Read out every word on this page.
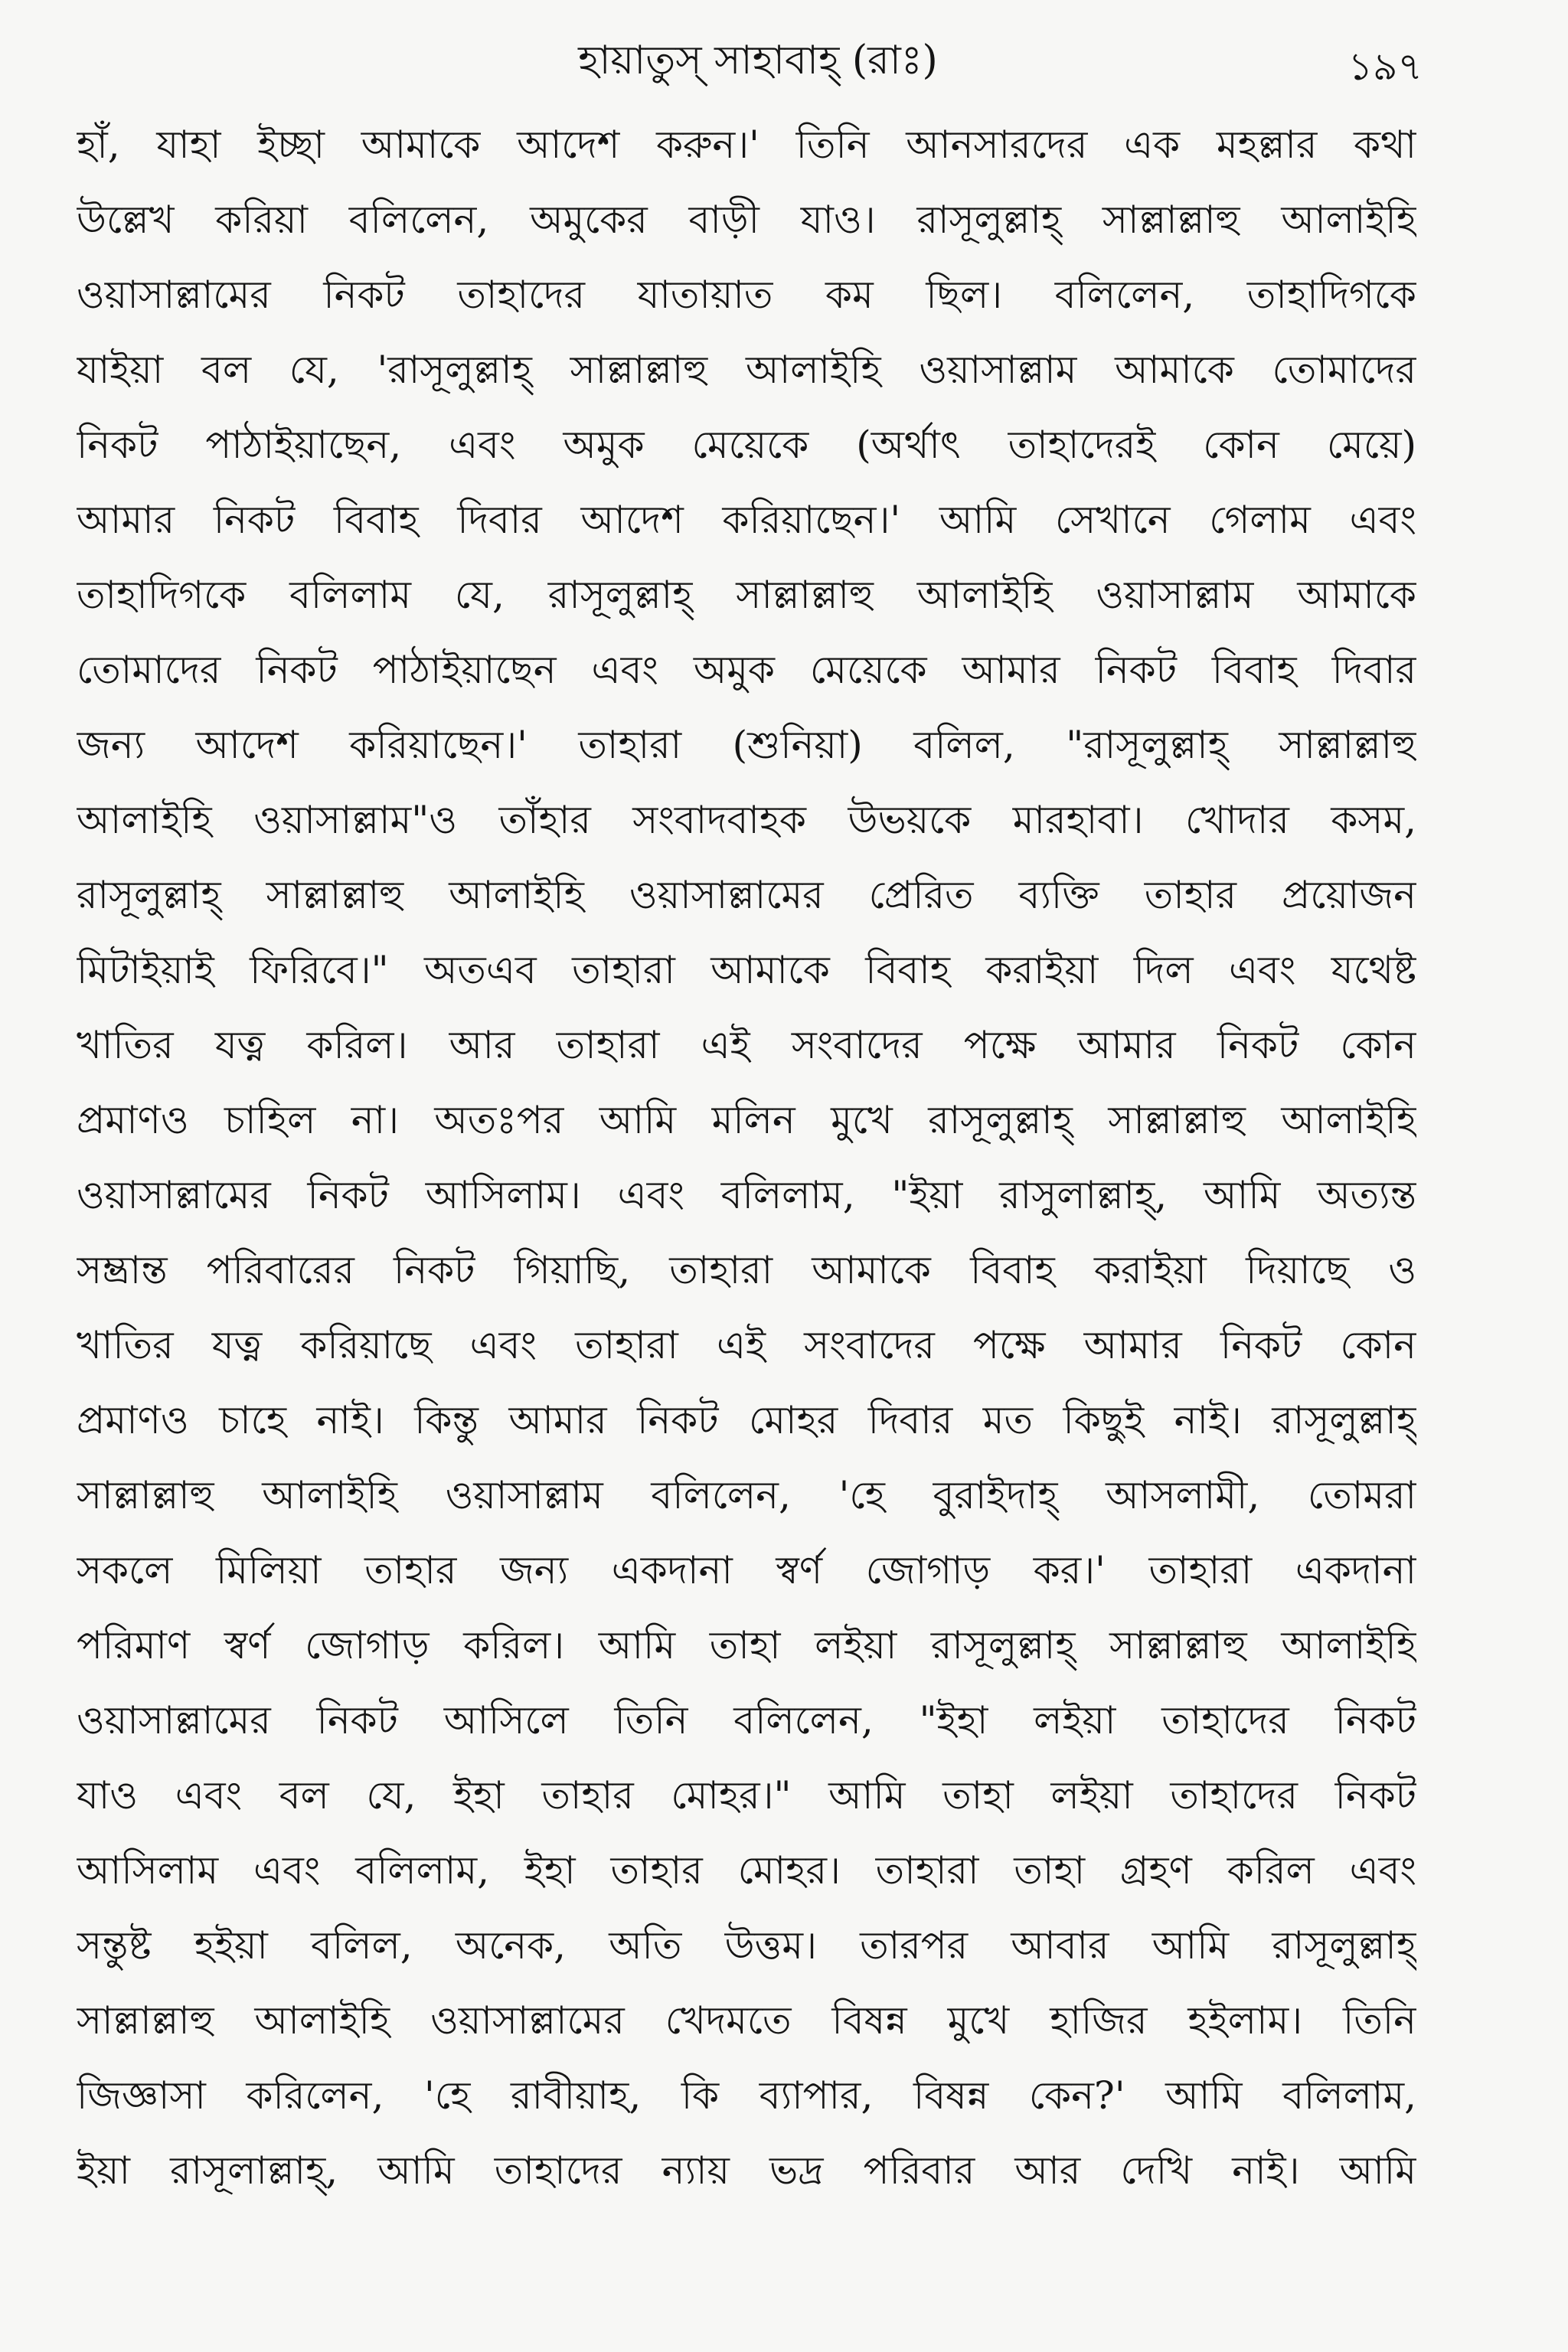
হায়াতুস্ সাহাবাহ্ (রাঃ)	১৯৭
হাঁ, যাহা ইচ্ছা আমাকে আদেশ করুন।' তিনি আনসারদের এক মহল্লার কথা
উল্লেখ করিয়া বলিলেন, অমুকের বাড়ী যাও। রাসূলুল্লাহ্ সাল্লাল্লাহু আলাইহি
ওয়াসাল্লামের নিকট তাহাদের যাতায়াত কম ছিল। বলিলেন, তাহাদিগকে
যাইয়া বল যে, 'রাসূলুল্লাহ্ সাল্লাল্লাহু আলাইহি ওয়াসাল্লাম আমাকে তোমাদের
নিকট পাঠাইয়াছেন, এবং অমুক মেয়েকে (অর্থাৎ তাহাদেরই কোন মেয়ে)
আমার নিকট বিবাহ দিবার আদেশ করিয়াছেন।' আমি সেখানে গেলাম এবং
তাহাদিগকে বলিলাম যে, রাসূলুল্লাহ্ সাল্লাল্লাহু আলাইহি ওয়াসাল্লাম আমাকে
তোমাদের নিকট পাঠাইয়াছেন এবং অমুক মেয়েকে আমার নিকট বিবাহ দিবার
জন্য আদেশ করিয়াছেন।' তাহারা (শুনিয়া) বলিল, "রাসূলুল্লাহ্ সাল্লাল্লাহু
আলাইহি ওয়াসাল্লাম"ও তাঁহার সংবাদবাহক উভয়কে মারহাবা। খোদার কসম,
রাসূলুল্লাহ্ সাল্লাল্লাহু আলাইহি ওয়াসাল্লামের প্রেরিত ব্যক্তি তাহার প্রয়োজন
মিটাইয়াই ফিরিবে।" অতএব তাহারা আমাকে বিবাহ করাইয়া দিল এবং যথেষ্ট
খাতির যত্ন করিল। আর তাহারা এই সংবাদের পক্ষে আমার নিকট কোন
প্রমাণও চাহিল না। অতঃপর আমি মলিন মুখে রাসূলুল্লাহ্ সাল্লাল্লাহু আলাইহি
ওয়াসাল্লামের নিকট আসিলাম। এবং বলিলাম, "ইয়া রাসুলাল্লাহ্, আমি অত্যন্ত
সম্ভ্রান্ত পরিবারের নিকট গিয়াছি, তাহারা আমাকে বিবাহ করাইয়া দিয়াছে ও
খাতির যত্ন করিয়াছে এবং তাহারা এই সংবাদের পক্ষে আমার নিকট কোন
প্রমাণও চাহে নাই। কিন্তু আমার নিকট মোহর দিবার মত কিছুই নাই। রাসূলুল্লাহ্
সাল্লাল্লাহু আলাইহি ওয়াসাল্লাম বলিলেন, 'হে বুরাইদাহ্ আসলামী, তোমরা
সকলে মিলিয়া তাহার জন্য একদানা স্বর্ণ জোগাড় কর।' তাহারা একদানা
পরিমাণ স্বর্ণ জোগাড় করিল। আমি তাহা লইয়া রাসূলুল্লাহ্ সাল্লাল্লাহু আলাইহি
ওয়াসাল্লামের নিকট আসিলে তিনি বলিলেন, "ইহা লইয়া তাহাদের নিকট
যাও এবং বল যে, ইহা তাহার মোহর।" আমি তাহা লইয়া তাহাদের নিকট
আসিলাম এবং বলিলাম, ইহা তাহার মোহর। তাহারা তাহা গ্রহণ করিল এবং
সন্তুষ্ট হইয়া বলিল, অনেক, অতি উত্তম। তারপর আবার আমি রাসূলুল্লাহ্
সাল্লাল্লাহু আলাইহি ওয়াসাল্লামের খেদমতে বিষন্ন মুখে হাজির হইলাম। তিনি
জিজ্ঞাসা করিলেন, 'হে রাবীয়াহ, কি ব্যাপার, বিষন্ন কেন?' আমি বলিলাম,
ইয়া রাসূলাল্লাহ্, আমি তাহাদের ন্যায় ভদ্র পরিবার আর দেখি নাই। আমি
